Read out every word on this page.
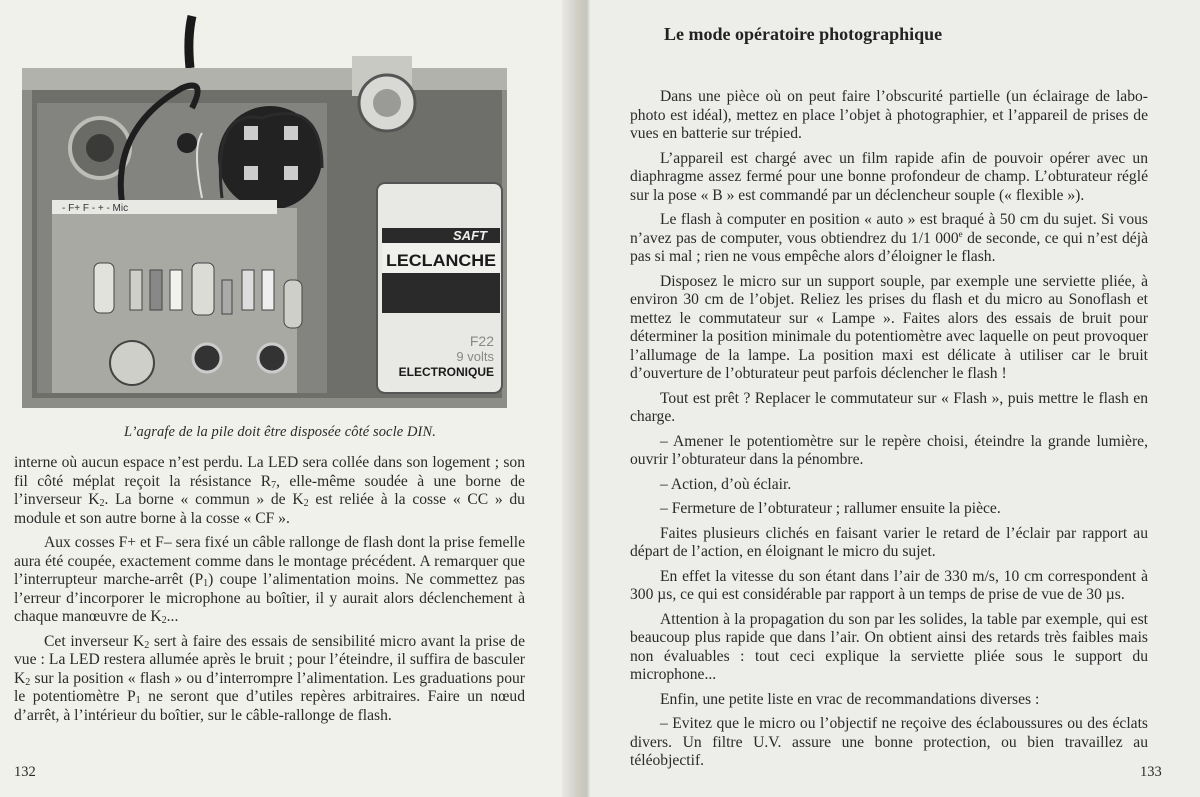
- F+ F - + - Mic
SAFT
LECLANCHE
F22
9 volts
ELECTRONIQUE
L’agrafe de la pile doit être disposée côté socle DIN.

interne où aucun espace n’est perdu. La LED sera collée dans son logement ; son fil côté méplat reçoit la résistance $R_7$, elle-même soudée à une borne de l’inverseur $K_2$. La borne « commun » de $K_2$ est reliée à la cosse « CC » du module et son autre borne à la cosse « CF ».

Aux cosses F+ et F– sera fixé un câble rallonge de flash dont la prise femelle aura été coupée, exactement comme dans le montage précédent. A remarquer que l’interrupteur marche-arrêt $(P_1)$ coupe l’alimentation moins. Ne commettez pas l’erreur d’incorporer le microphone au boîtier, il y aurait alors déclenchement à chaque manœuvre de $K_2$...

Cet inverseur $K_2$ sert à faire des essais de sensibilité micro avant la prise de vue : La LED restera allumée après le bruit ; pour l’éteindre, il suffira de basculer $K_2$ sur la position « flash » ou d’interrompre l’alimentation. Les graduations pour le potentiomètre $P_1$ ne seront que d’utiles repères arbitraires. Faire un nœud d’arrêt, à l’intérieur du boîtier, sur le câble-rallonge de flash.

132
Le mode opératoire photographique

Dans une pièce où on peut faire l’obscurité partielle (un éclairage de labo-photo est idéal), mettez en place l’objet à photographier, et l’appareil de prises de vues en batterie sur trépied.

L’appareil est chargé avec un film rapide afin de pouvoir opérer avec un diaphragme assez fermé pour une bonne profondeur de champ. L’obturateur réglé sur la pose « B » est commandé par un déclencheur souple (« flexible »).

Le flash à computer en position « auto » est braqué à 50 cm du sujet. Si vous n’avez pas de computer, vous obtiendrez du 1/1 000e de seconde, ce qui n’est déjà pas si mal ; rien ne vous empêche alors d’éloigner le flash.

Disposez le micro sur un support souple, par exemple une serviette pliée, à environ 30 cm de l’objet. Reliez les prises du flash et du micro au Sonoflash et mettez le commutateur sur « Lampe ». Faites alors des essais de bruit pour déterminer la position minimale du potentiomètre avec laquelle on peut provoquer l’allumage de la lampe. La position maxi est délicate à utiliser car le bruit d’ouverture de l’obturateur peut parfois déclencher le flash !

Tout est prêt ? Replacer le commutateur sur « Flash », puis mettre le flash en charge.

– Amener le potentiomètre sur le repère choisi, éteindre la grande lumière, ouvrir l’obturateur dans la pénombre.

– Action, d’où éclair.

– Fermeture de l’obturateur ; rallumer ensuite la pièce.

Faites plusieurs clichés en faisant varier le retard de l’éclair par rapport au départ de l’action, en éloignant le micro du sujet.

En effet la vitesse du son étant dans l’air de 330 m/s, 10 cm correspondent à 300 µs, ce qui est considérable par rapport à un temps de prise de vue de 30 µs.

Attention à la propagation du son par les solides, la table par exemple, qui est beaucoup plus rapide que dans l’air. On obtient ainsi des retards très faibles mais non évaluables : tout ceci explique la serviette pliée sous le support du microphone...

Enfin, une petite liste en vrac de recommandations diverses :

– Evitez que le micro ou l’objectif ne reçoive des éclaboussures ou des éclats divers. Un filtre U.V. assure une bonne protection, ou bien travaillez au téléobjectif.

133
